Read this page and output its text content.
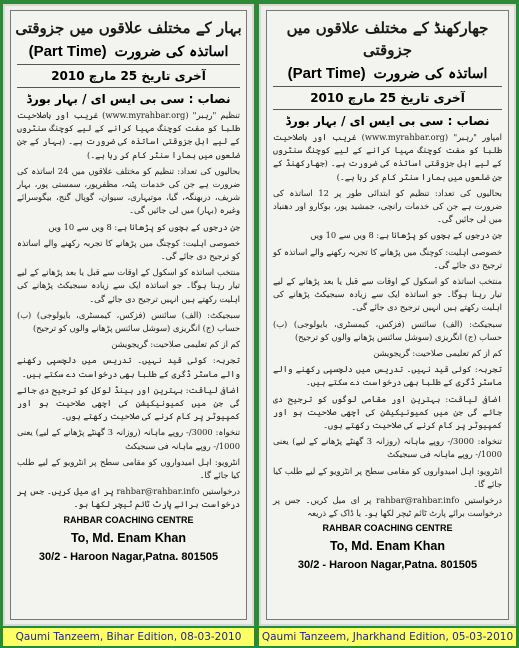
بہار کے مختلف علاقوں میں جزوقتی
(Part Time) اساتذہ کی ضرورت
آخری تاریخ 25 مارچ 2010
نصاب : سی بی ایس ای / بہار بورڈ

تنظیم "رہبر" (www.myrahbar.org) غریب اور باصلاحیت طلبا کو مفت کوچنگ مہیا کرانے کے لیے کوچنگ سنٹروں کے لیے اہل جزوقتی اساتذہ کی ضرورت ہے۔ (بہار کے جن ضلعوں میں ہمارا سنٹر کام کر رہا ہے۔)

بحالیوں کی تعداد: تنظیم کو مختلف علاقوں میں 24 اساتذہ کی ضرورت ہے جن کی خدمات پٹنہ، مظفرپور، سمستی پور، بہار شریف، دربھنگہ، گیا، موتیہاری، سیوان، گوپال گنج، بیگوسرائے وغیرہ (بہار) میں لی جائیں گی۔

جن درجوں کے بچوں کو پڑھانا ہے: 8 ویں سے 10 ویں

خصوصی اہلیت: کوچنگ میں پڑھانے کا تجربہ رکھنے والے اساتذہ کو ترجیح دی جائے گی۔

منتخب اساتذہ کو اسکول کے اوقات سے قبل یا بعد پڑھانے کے لیے تیار رہنا ہوگا۔ جو اساتذہ ایک سے زیادہ سبجیکٹ پڑھانے کی اہلیت رکھتے ہیں انہیں ترجیح دی جائے گی۔

سبجیکٹ: (الف) سائنس (فزکس، کیمسٹری، بایولوجی) (ب) حساب (ج) انگریزی (سوشل سائنس پڑھانے والوں کو ترجیح)

کم از کم تعلیمی صلاحیت: گریجویشن

تجربہ: کوئی قید نہیں۔ تدریس میں دلچسپی رکھنے والے ماسٹر ڈگری کے طلبا بھی درخواست دے سکتے ہیں۔

اضافی لیاقت: بہترین اور ہینڈ لوکل کو ترجیح دی جائے گی جن میں کمیونیکیشن کی اچھی صلاحیت ہو اور کمپیوٹر پر کام کرنے کی صلاحیت رکھتے ہوں۔

تنخواہ: 3000/- روپے ماہانہ (روزانہ 3 گھنٹے پڑھانے کے لیے) یعنی 1000/- روپے ماہانہ فی سبجیکٹ

انٹرویو: اہل امیدواروں کو مقامی سطح پر انٹرویو کے لیے طلب کیا جائے گا۔

درخواستیں rahbar@rahbar.info پر ای میل کریں۔ جس پر درخواست برائے پارٹ ٹائم ٹیچر لکھا ہو۔

RAHBAR COACHING CENTRE
To, Md. Enam Khan
30/2 - Haroon Nagar,Patna. 801505
Qaumi Tanzeem, Bihar Edition, 08-03-2010
جھارکھنڈ کے مختلف علاقوں میں جزوقتی
(Part Time) اساتذہ کی ضرورت
آخری تاریخ 25 مارچ 2010
نصاب : سی بی ایس ای / بہار بورڈ

امپاور "رہبر" (www.myrahbar.org) غریب اور باصلاحیت طلبا کو مفت کوچنگ مہیا کرانے کے لیے کوچنگ سنٹروں کے لیے اہل جزوقتی اساتذہ کی ضرورت ہے۔ (جھارکھنڈ کے جن ضلعوں میں ہمارا سنٹر کام کر رہا ہے۔)

بحالیوں کی تعداد: تنظیم کو ابتدائی طور پر 12 اساتذہ کی ضرورت ہے جن کی خدمات رانچی، جمشید پور، بوکارو اور دھنباد میں لی جائیں گی۔

جن درجوں کے بچوں کو پڑھانا ہے: 8 ویں سے 10 ویں

خصوصی اہلیت: کوچنگ میں پڑھانے کا تجربہ رکھنے والے اساتذہ کو ترجیح دی جائے گی۔

منتخب اساتذہ کو اسکول کے اوقات سے قبل یا بعد پڑھانے کے لیے تیار رہنا ہوگا۔ جو اساتذہ ایک سے زیادہ سبجیکٹ پڑھانے کی اہلیت رکھتے ہیں انہیں ترجیح دی جائے گی۔

سبجیکٹ: (الف) سائنس (فزکس، کیمسٹری، بایولوجی) (ب) حساب (ج) انگریزی (سوشل سائنس پڑھانے والوں کو ترجیح)

کم از کم تعلیمی صلاحیت: گریجویشن

تجربہ: کوئی قید نہیں۔ تدریس میں دلچسپی رکھنے والے ماسٹر ڈگری کے طلبا بھی درخواست دے سکتے ہیں۔

اضافی لیاقت: بہترین اور مقامی لوگوں کو ترجیح دی جائے گی جن میں کمیونیکیشن کی اچھی صلاحیت ہو اور کمپیوٹر پر کام کرنے کی صلاحیت رکھتے ہوں۔

تنخواہ: 3000/- روپے ماہانہ (روزانہ 3 گھنٹے پڑھانے کے لیے) یعنی 1000/- روپے ماہانہ فی سبجیکٹ

انٹرویو: اہل امیدواروں کو مقامی سطح پر انٹرویو کے لیے طلب کیا جائے گا۔

درخواستیں rahbar@rahbar.info پر ای میل کریں۔ جس پر درخواست برائے پارٹ ٹائم ٹیچر لکھا ہو۔ یا ڈاک کے ذریعہ

RAHBAR COACHING CENTRE
To, Md. Enam Khan
30/2 - Haroon Nagar,Patna. 801505
Qaumi Tanzeem, Jharkhand Edition, 05-03-2010
